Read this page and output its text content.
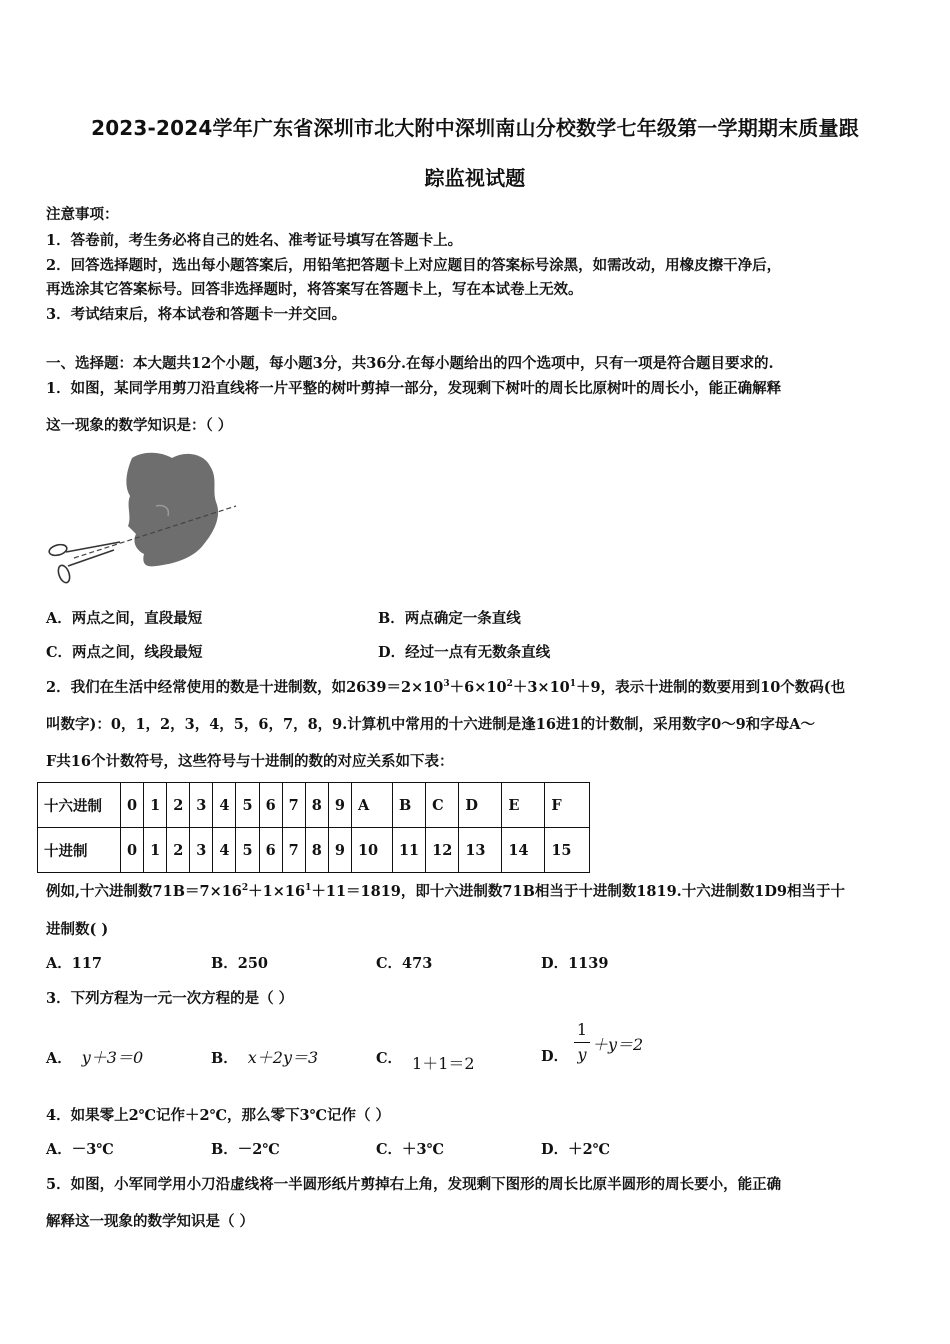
2023-2024学年广东省深圳市北大附中深圳南山分校数学七年级第一学期期末质量跟
踪监视试题
注意事项：
1．答卷前，考生务必将自己的姓名、准考证号填写在答题卡上。
2．回答选择题时，选出每小题答案后，用铅笔把答题卡上对应题目的答案标号涂黑，如需改动，用橡皮擦干净后，
再选涂其它答案标号。回答非选择题时，将答案写在答题卡上，写在本试卷上无效。
3．考试结束后，将本试卷和答题卡一并交回。
一、选择题：本大题共12个小题，每小题3分，共36分.在每小题给出的四个选项中，只有一项是符合题目要求的.
1．如图，某同学用剪刀沿直线将一片平整的树叶剪掉一部分，发现剩下树叶的周长比原树叶的周长小，能正确解释
这一现象的数学知识是：（ ）
A．两点之间，直段最短	B．两点确定一条直线
C．两点之间，线段最短	D．经过一点有无数条直线
2．我们在生活中经常使用的数是十进制数，如$2639=2\times 10^3+6\times 10^2+3\times 10^1+9$，表示十进制的数要用到10个数码(也
叫数字)：0，1，2，3，4，5，6，7，8，9.计算机中常用的十六进制是逢16进1的计数制，采用数字0～9和字母A～
F共16个计数符号，这些符号与十进制的数的对应关系如下表：
十六进制	0	1	2	3	4	5	6	7	8	9	A	B	C	D	E	F
十进制	0	1	2	3	4	5	6	7	8	9	10	11	12	13	14	15
例如,十六进制数$71B=7\times 16^2+1\times 16^1+11=1819$，即十六进制数71B相当于十进制数1819.十六进制数1D9相当于十
进制数( )
A．117	B．250	C．473	D．1139
3．下列方程为一元一次方程的是（ ）
A． y＋3＝0	B． x＋2y＝3	C． 1＋1＝2	D．
1
y
＋y＝2
4．如果零上2℃记作＋2℃，那么零下3℃记作（ ）
A．－3℃	B．－2℃	C．＋3℃	D．＋2℃
5．如图，小军同学用小刀沿虚线将一半圆形纸片剪掉右上角，发现剩下图形的周长比原半圆形的周长要小，能正确
解释这一现象的数学知识是（ ）
